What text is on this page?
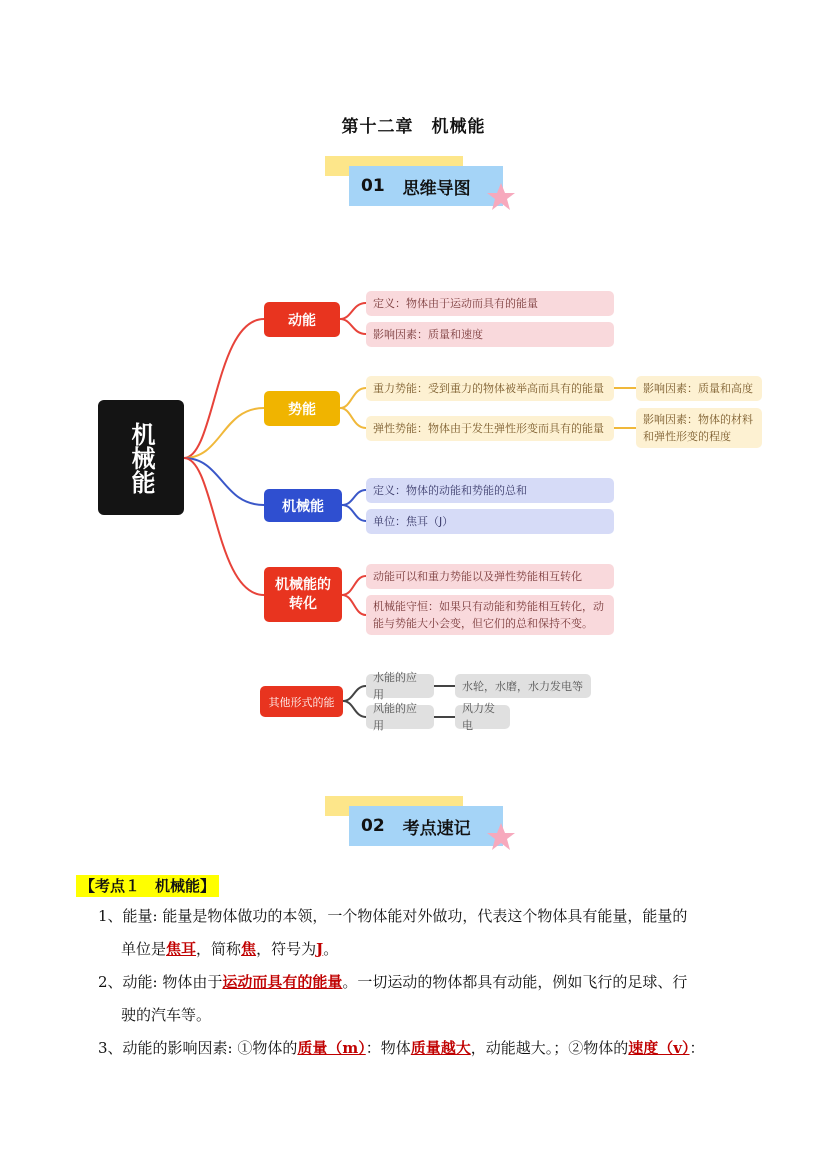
第十二章　机械能
01 思维导图
机械能
动能
定义：物体由于运动而具有的能量
影响因素：质量和速度
势能
重力势能：受到重力的物体被举高而具有的能量
弹性势能：物体由于发生弹性形变而具有的能量
影响因素：质量和高度
影响因素：物体的材料和弹性形变的程度
机械能
定义：物体的动能和势能的总和
单位：焦耳（J）
机械能的转化
动能可以和重力势能以及弹性势能相互转化
机械能守恒：如果只有动能和势能相互转化，动能与势能大小会变，但它们的总和保持不变。
其他形式的能
水能的应用
风能的应用
水轮，水磨，水力发电等
风力发电
02 考点速记
【考点１　机械能】
1、能量: 能量是物体做功的本领，一个物体能对外做功，代表这个物体具有能量，能量的
单位是焦耳，简称焦，符号为J。
2、动能: 物体由于运动而具有的能量。一切运动的物体都具有动能，例如飞行的足球、行
驶的汽车等。
3、动能的影响因素: ①物体的质量（m）：物体质量越大，动能越大。；②物体的速度（v）：
